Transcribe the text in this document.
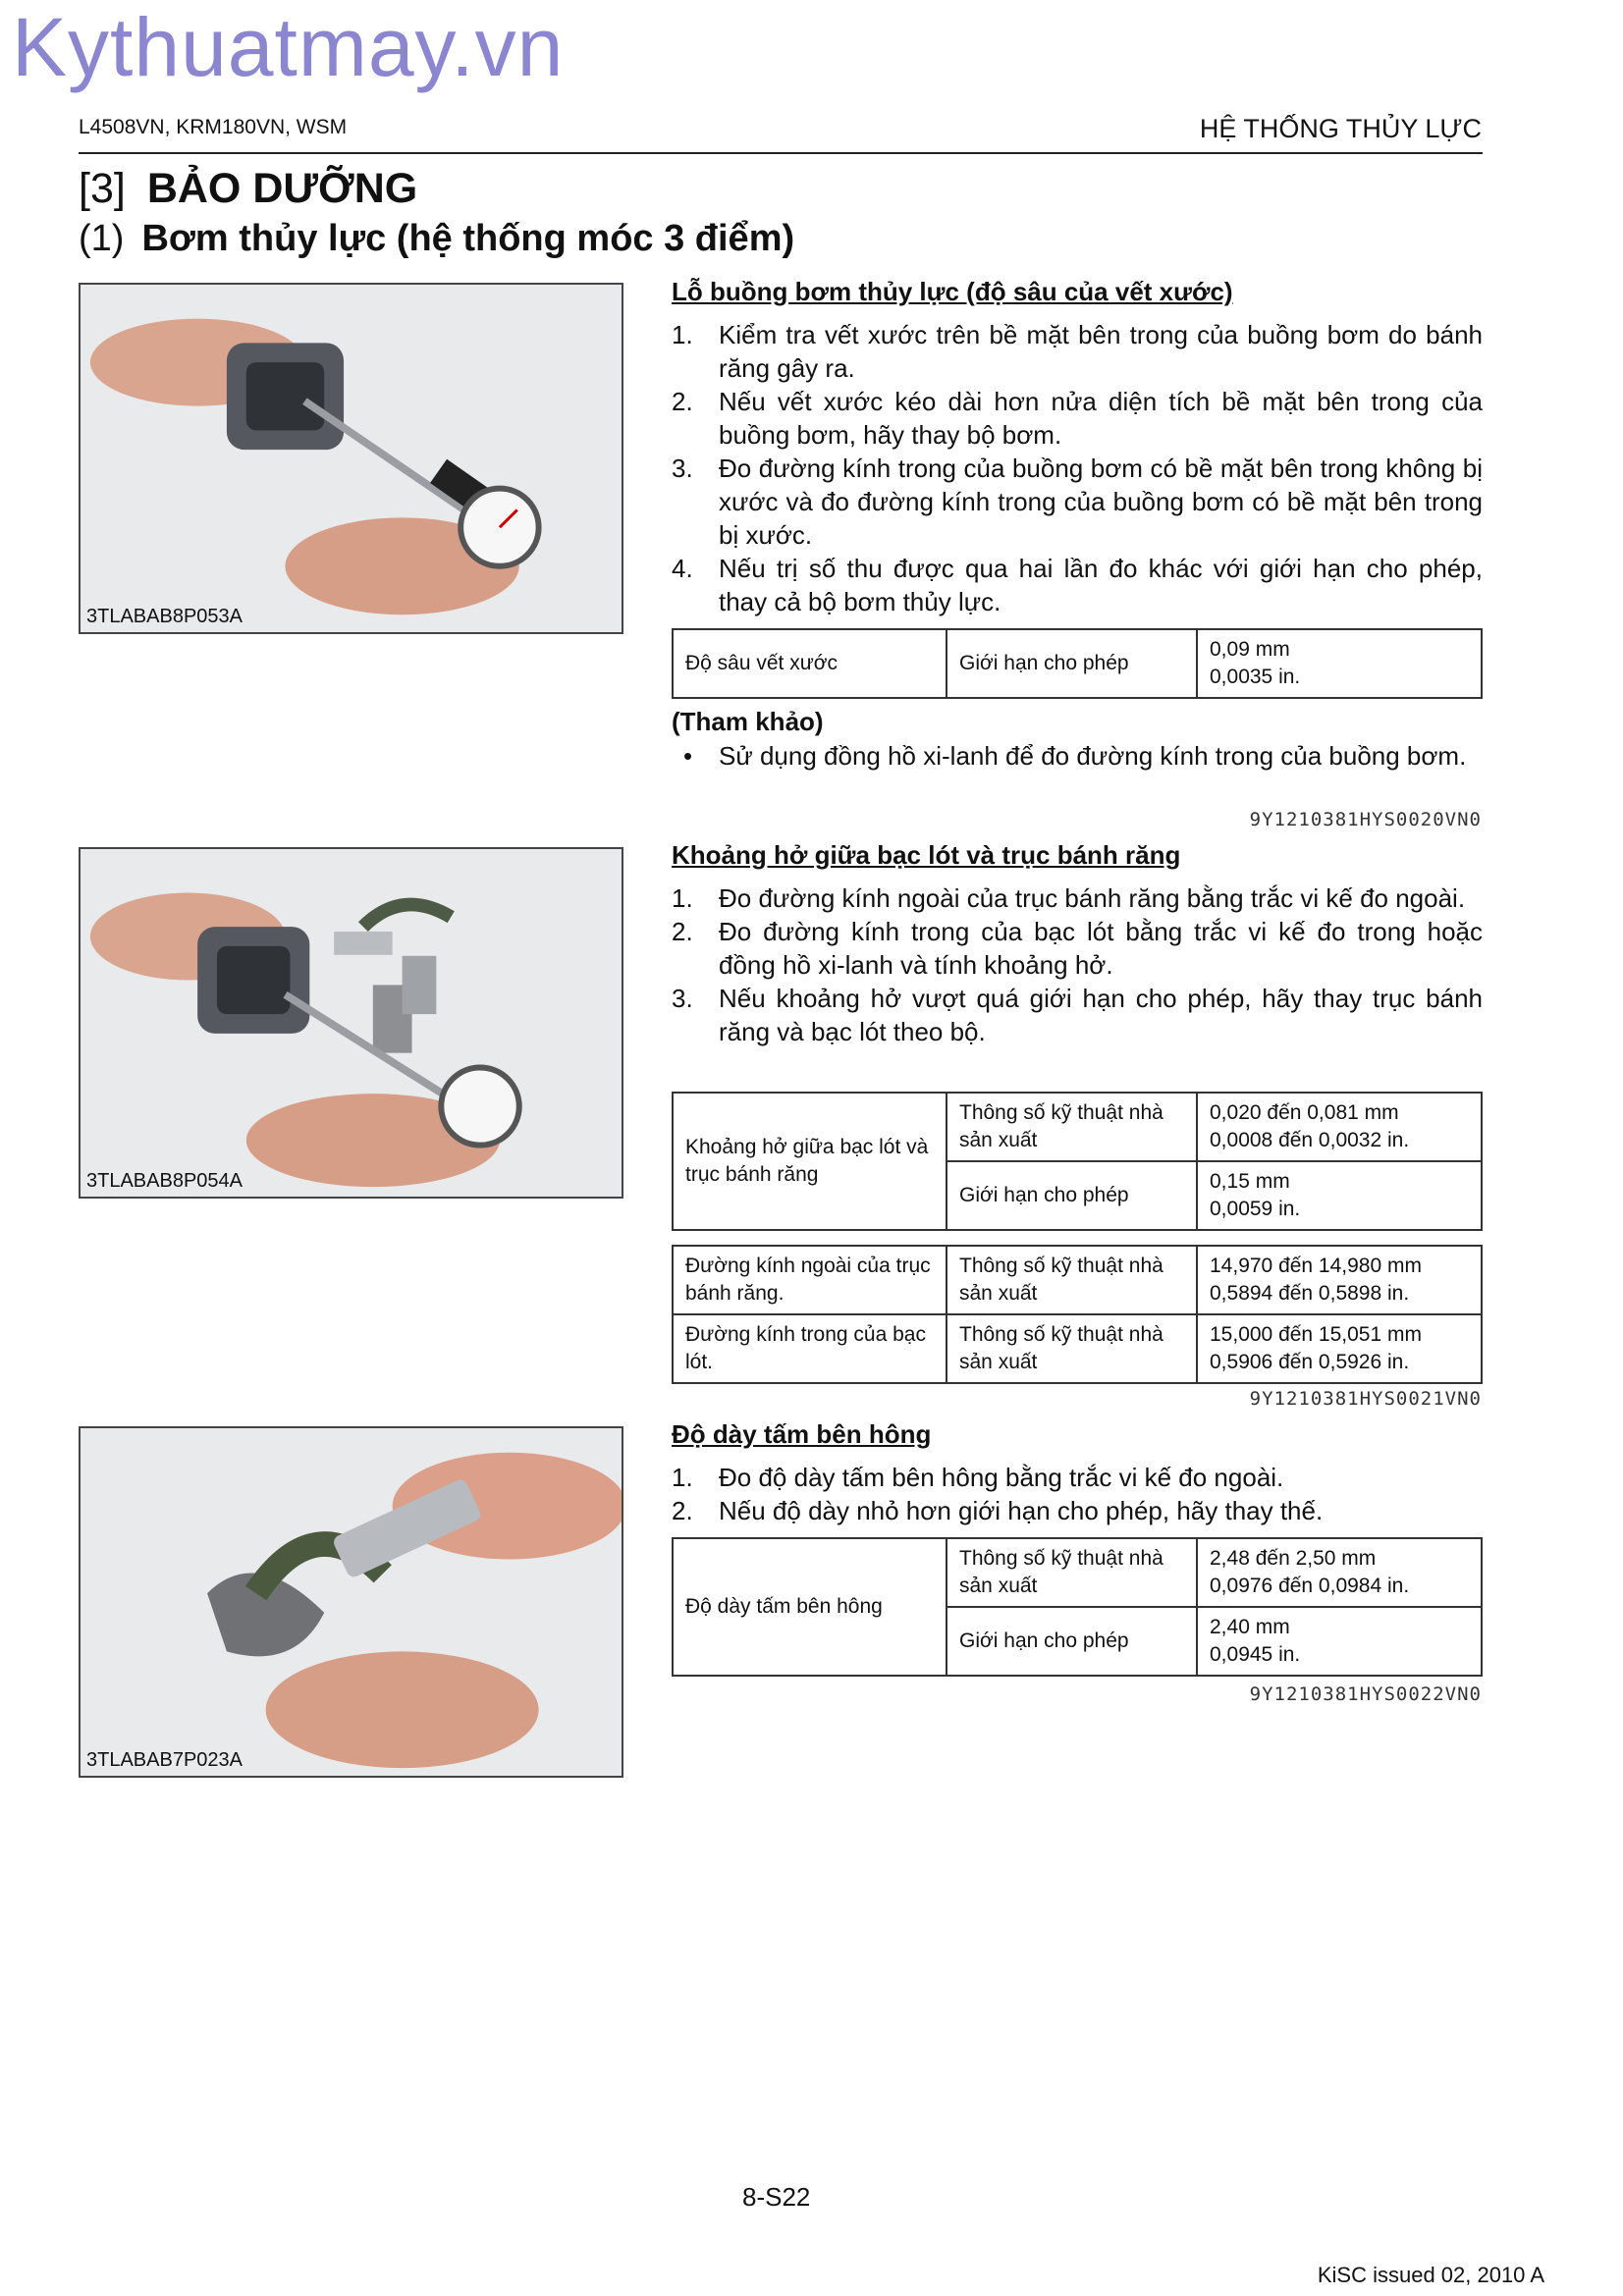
Kythuatmay.vn
L4508VN, KRM180VN, WSM	HỆ THỐNG THỦY LỰC
[3] BẢO DƯỠNG
(1) Bơm thủy lực (hệ thống móc 3 điểm)
3TLABAB8P053A
3TLABAB8P054A
3TLABAB7P023A
Lỗ buồng bơm thủy lực (độ sâu của vết xước)
1.	Kiểm tra vết xước trên bề mặt bên trong của buồng bơm do bánh răng gây ra.
2.	Nếu vết xước kéo dài hơn nửa diện tích bề mặt bên trong của buồng bơm, hãy thay bộ bơm.
3.	Đo đường kính trong của buồng bơm có bề mặt bên trong không bị xước và đo đường kính trong của buồng bơm có bề mặt bên trong bị xước.
4.	Nếu trị số thu được qua hai lần đo khác với giới hạn cho phép, thay cả bộ bơm thủy lực.
Độ sâu vết xước	Giới hạn cho phép	
0,09 mm
0,0035 in.
(Tham khảo)
•	Sử dụng đồng hồ xi-lanh để đo đường kính trong của buồng bơm.
9Y1210381HYS0020VN0
Khoảng hở giữa bạc lót và trục bánh răng
1.	Đo đường kính ngoài của trục bánh răng bằng trắc vi kế đo ngoài.
2.	Đo đường kính trong của bạc lót bằng trắc vi kế đo trong hoặc đồng hồ xi-lanh và tính khoảng hở.
3.	Nếu khoảng hở vượt quá giới hạn cho phép, hãy thay trục bánh răng và bạc lót theo bộ.
Khoảng hở giữa bạc lót và trục bánh răng	Thông số kỹ thuật nhà sản xuất	0,020 đến 0,081 mm
0,0008 đến 0,0032 in.

	Giới hạn cho phép	0,15 mm
0,0059 in.
Đường kính ngoài của trục bánh răng.	Thông số kỹ thuật nhà sản xuất	14,970 đến 14,980 mm
0,5894 đến 0,5898 in.

Đường kính trong của bạc lót.	Thông số kỹ thuật nhà sản xuất	15,000 đến 15,051 mm
0,5906 đến 0,5926 in.
9Y1210381HYS0021VN0
Độ dày tấm bên hông
1.	Đo độ dày tấm bên hông bằng trắc vi kế đo ngoài.
2.	Nếu độ dày nhỏ hơn giới hạn cho phép, hãy thay thế.
Độ dày tấm bên hông	Thông số kỹ thuật nhà sản xuất	2,48 đến 2,50 mm
0,0976 đến 0,0984 in.

	Giới hạn cho phép	2,40 mm
0,0945 in.
9Y1210381HYS0022VN0
8-S22
KiSC issued 02, 2010 A
